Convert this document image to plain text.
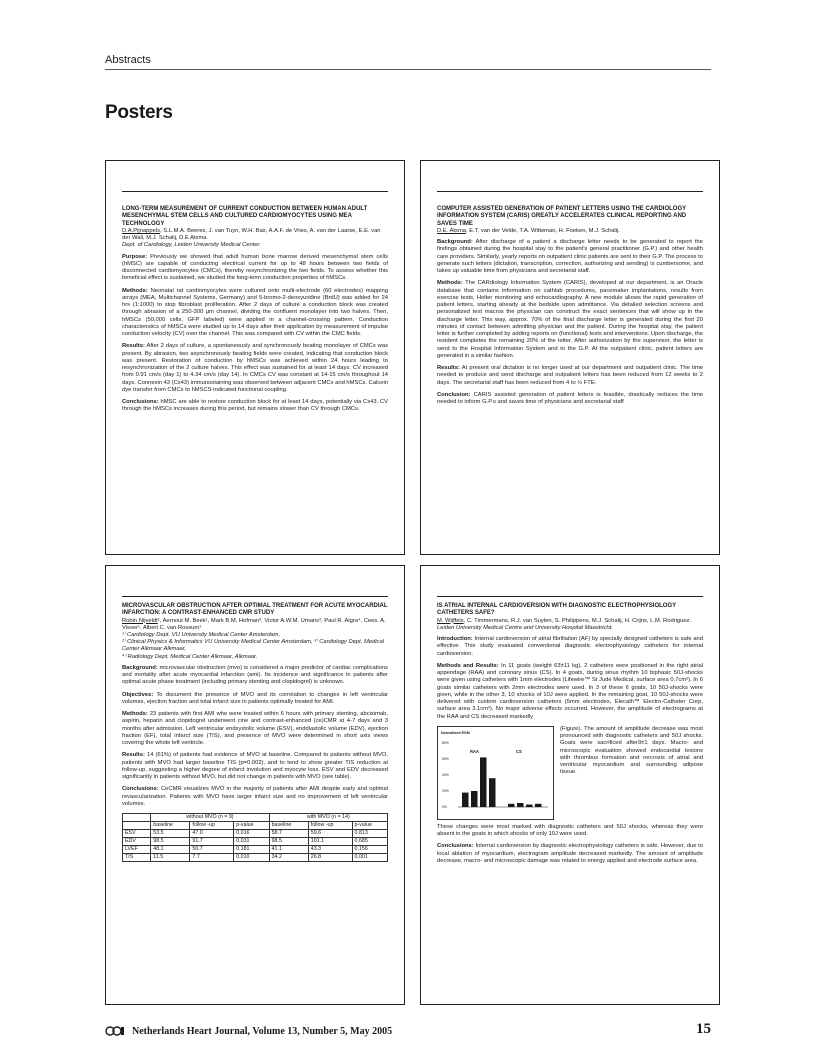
Abstracts
Posters

LONG-TERM MEASUREMENT OF CURRENT CONDUCTION BETWEEN HUMAN ADULT MESENCHYMAL STEM CELLS AND CULTURED CARDIOMYOCYTES USING MEA TECHNOLOGY

D.A.Pijnappels, S.L.M.A. Beeres, J. van Tuyn, W.H. Bax, A.A.F. de Vries, A. van der Laarse, E.E. van der Wall, M.J. Schalij, D.E Atsma.

Dept. of Cardiology, Leiden University Medical Center.

Purpose: Previously we showed that adult human bone marrow derived mesenchymal stem cells (hMSC) are capable of conducting electrical current for up to 48 hours between two fields of disconnected cardiomyocytes (CMCs), thereby resynchronizing the two fields. To assess whether this beneficial effect is sustained, we studied the long-term conduction properties of hMSCs.

Methods: Neonatal rat cardiomyocytes were cultured onto multi-electrode (60 electrodes) mapping arrays (MEA, Multichannel Systems, Germany) and 5-bromo-2-deoxyuridine (BrdU) was added for 24 hrs (1:1000) to stop fibroblast proliferation. After 2 days of culture a conduction block was created through abrasion of a 250-300 µm channel, dividing the confluent monolayer into two halves. Then, hMSCs (50,000 cells, GFP labeled) were applied in a channel-crossing pattern. Conduction characteristics of hMSCs were studied up to 14 days after their application by measurement of impulse conduction velocity (CV) over the channel. This was compared with CV within the CMC fields.

Results: After 2 days of culture, a spontaneously and synchronously beating monolayer of CMCs was present. By abrasion, two asynchronously beating fields were created, indicating that conduction block was present. Restoration of conduction by hMSCs was achieved within 24 hours leading to resynchronization of the 2 culture halves. This effect was sustained for at least 14 days. CV increased from 0.91 cm/s (day 1) to 4.34 cm/s (day 14). In CMCs CV was constant at 14-15 cm/s throughout 14 days. Connexin 43 (Cx43) immunostaining was observed between adjacent CMCs and hMSCs. Calcein dye transfer from CMCs to hMSCS indicated functional coupling.

Conclusions: hMSC are able to restore conduction block for at least 14 days, potentially via Cx43. CV through the hMSCs increases during this period, but remains slower than CV through CMCs.

COMPUTER ASSISTED GENERATION OF PATIENT LETTERS USING THE CARDIOLOGY INFORMATION SYSTEM (CARIS) GREATLY ACCELERATES CLINICAL REPORTING AND SAVES TIME

D.E. Atsma, E.T. van der Velde, T.A. Witteman, H. Foeken, M.J. Schalij.

Background: After discharge of a patient a discharge letter needs to be generated to report the findings obtained during the hospital stay to the patient's general practitioner (G.P.) and other health care providers. Similarly, yearly reports on outpatient clinic patients are sent to their G.P. The process to generate such letters (dictation, transcription, correction, authorizing and sending) is cumbersome, and takes up valuable time from physicians and secretarial staff.

Methods: The CARdiology Information System (CARIS), developed at our department, is an Oracle database that contains information on cathlab procedures, pacemaker implantations, results from exercise tests, Holter monitoring and echocardiography. A new module allows the rapid generation of patient letters, starting already at the bedside upon admittance. Via detailed selection screens and personalized text macros the physician can construct the exact sentences that will show up in the discharge letter. This way, approx. 70% of the final discharge letter is generated during the first 20 minutes of contact between admitting physician and the patient. During the hospital stay, the patient letter is further completed by adding reports on (functional) tests and interventions. Upon discharge, the resident completes the remaining 20% of the letter. After authorization by the supervisor, the letter is send to the Hospital Information System and to the G.P. At the outpatient clinic, patient letters are generated in a similar fashion.

Results: At present oral dictation is no longer used at our department and outpatient clinic. The time needed to produce and send discharge and outpatient letters has been reduced from 12 weeks to 2 days. The secretarial staff has been reduced from 4 to ½ FTE.

Conclusion: CARIS assisted generation of patient letters is feasible, drastically reduces the time needed to inform G.P.s and saves time of physicians and secretarial staff

MICROVASCULAR OBSTRUCTION AFTER OPTIMAL TREATMENT FOR ACUTE MYOCARDIAL INFARCTION: A CONTRAST-ENHANCED CMR STUDY

Robin Nijveldt¹, Aernout M. Beek¹, Mark B.M. Hofman², Victor A.W.M. Umans³, Paul R. Algra⁴, Cees. A. Visser¹, Albert C. van Rossum¹

¹⁾ Cardiology Dept. VU University Medical Center Amsterdam,

²⁾ Clinical Physics & Informatics VU University Medical Center Amsterdam, ³⁾ Cardiology Dept. Medical Center Alkmaar Alkmaar,

⁴⁾ Radiology Dept. Medical Center Alkmaar, Alkmaar.

Background: microvascular obstruction (mvo) is considered a major predictor of cardiac complications and mortality after acute myocardial infarction (ami). Its incidence and significance in patients after optimal acute phase treatment (including primary stenting and clopidogrel) is unknown.

Objectives: To document the presence of MVO and its correlation to changes in left ventricular volumes, ejection fraction and total infarct size in patients optimally treated for AMI.

Methods: 23 patients with first AMI who were treated within 6 hours with primary stenting, abciximab, aspirin, heparin and clopidogrel underwent cine and contrast-enhanced (ce)CMR at 4-7 days and 3 months after admission. Left ventricular endsystolic volume (ESV), enddiastolic volume (EDV), ejection fraction (EF), total infarct size (TIS), and presence of MVO were determined in short axis views covering the whole left ventricle.

Results: 14 (61%) of patients had evidence of MVO at baseline. Compared to patients without MVO, patients with MVO had larger baseline TIS (p=0.002), and to tend to show greater TIS reduction at follow-up, suggesting a higher degree of infarct involution and myocyte loss. ESV and EDV decreased significantly in patients without MVO, but did not change in patients with MVO (see table).

Conclusions: CeCMR visualizes MVO in the majority of patients after AMI despite early and optimal revascularization. Patients with MVO have larger infarct size and no improvement of left ventricular volumes.

	without MVO (n = 9)			with MVO (n = 14)		
	baseline	follow -up	p-value	baseline	follow -up	p-value
ESV	53.5	47.0	0.016	58.7	59.6	0.813
EDV	98.5	91.7	0.031	98.5	101.1	0.685
LVEF	48.1	50.7	0.181	41.1	43.3	0.156
TIS	11.5	7.7	0.010	34.2	26.8	0.001

IS ATRIAL INTERNAL CARDIOVERSION WITH DIAGNOSTIC ELECTROPHYSIOLOGY CATHETERS SAFE?

M. Wijffels, C. Timmermans, R.J. van Suylen, S. Philippens, M.J. Schalij, H. Crijns, L.M. Rodriguez.

Leiden University Medical Centre and University Hospital Maastricht.

Introduction: Internal cardioversion of atrial fibrillation (AF) by specially designed catheters is safe and effective. This study evaluated conventional diagnostic electrophysiology catheters for internal cardioversion.

Methods and Results: In 11 goats (weight 63±11 kg), 2 catheters were positioned in the right atrial appendage (RAA) and coronary sinus (CS). In 4 goats, during sinus rhythm 10 biphasic 50J-shocks were given using catheters with 1mm electrodes (Lifewire™ St Jude Medical, surface area 0.7cm²). In 6 goats similar catheters with 2mm electrodes were used. In 3 of these 6 goats, 10 50J-shocks were given, while in the other 3, 10 shocks of 10J were applied. In the remaining goat, 10 50J-shocks were delivered with custom cardioversion catheters (5mm electrodes, Elecath™ Electro-Catheter Corp, surface area 3.1cm²). No major adverse effects occurred. However, the amplitude of electrograms at the RAA and CS decreased markedly

Normalised EGM
80%
60%
40%
20%
0%
RAA	CS

(Figure). The amount of amplitude decrease was most pronounced with diagnostic catheters and 50J shocks. Goats were sacrificed after9±1 days. Macro- and microscopic evaluation showed endocardial lesions with thrombus formation and necrosis of atrial and ventricular myocardium and surrounding adipose tissue.

These changes were most marked with diagnostic catheters and 50J shocks, whereas they were absent in the goats in which shocks of only 10J were used.

Conclusions: Internal cardioversion by diagnostic electrophysiology catheters is safe. However, due to local ablation of myocardium, electrogram amplitude decreased markedly. The amount of amplitude decrease, macro- and microscopic damage was related to energy applied and electrode surface area.

Netherlands Heart Journal, Volume 13, Number 5, May 2005	15
